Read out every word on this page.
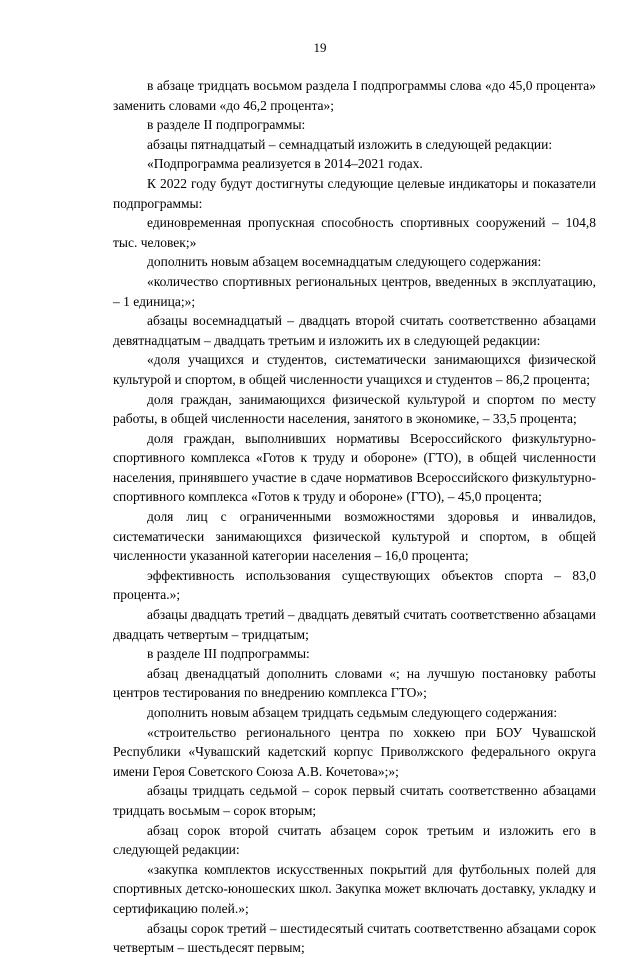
19

в абзаце тридцать восьмом раздела I подпрограммы слова «до 45,0 процента» заменить словами «до 46,2 процента»;

в разделе II подпрограммы:

абзацы пятнадцатый – семнадцатый изложить в следующей редакции:

«Подпрограмма реализуется в 2014–2021 годах.

К 2022 году будут достигнуты следующие целевые индикаторы и показатели подпрограммы:

единовременная пропускная способность спортивных сооружений – 104,8 тыс. человек;»

дополнить новым абзацем восемнадцатым следующего содержания:

«количество спортивных региональных центров, введенных в эксплуатацию, – 1 единица;»;

абзацы восемнадцатый – двадцать второй считать соответственно абзацами девятнадцатым – двадцать третьим и изложить их в следующей редакции:

«доля учащихся и студентов, систематически занимающихся физической культурой и спортом, в общей численности учащихся и студентов – 86,2 процента;

доля граждан, занимающихся физической культурой и спортом по месту работы, в общей численности населения, занятого в экономике, – 33,5 процента;

доля граждан, выполнивших нормативы Всероссийского физкультурно-спортивного комплекса «Готов к труду и обороне» (ГТО), в общей численности населения, принявшего участие в сдаче нормативов Всероссийского физкультурно-спортивного комплекса «Готов к труду и обороне» (ГТО), – 45,0 процента;

доля лиц с ограниченными возможностями здоровья и инвалидов, систематически занимающихся физической культурой и спортом, в общей численности указанной категории населения – 16,0 процента;

эффективность использования существующих объектов спорта – 83,0 процента.»;

абзацы двадцать третий – двадцать девятый считать соответственно абзацами двадцать четвертым – тридцатым;

в разделе III подпрограммы:

абзац двенадцатый дополнить словами «; на лучшую постановку работы центров тестирования по внедрению комплекса ГТО»;

дополнить новым абзацем тридцать седьмым следующего содержания:

«строительство регионального центра по хоккею при БОУ Чувашской Республики «Чувашский кадетский корпус Приволжского федерального округа имени Героя Советского Союза А.В. Кочетова»;»;

абзацы тридцать седьмой – сорок первый считать соответственно абзацами тридцать восьмым – сорок вторым;

абзац сорок второй считать абзацем сорок третьим и изложить его в следующей редакции:

«закупка комплектов искусственных покрытий для футбольных полей для спортивных детско-юношеских школ. Закупка может включать доставку, укладку и сертификацию полей.»;

абзацы сорок третий – шестидесятый считать соответственно абзацами сорок четвертым – шестьдесят первым;
